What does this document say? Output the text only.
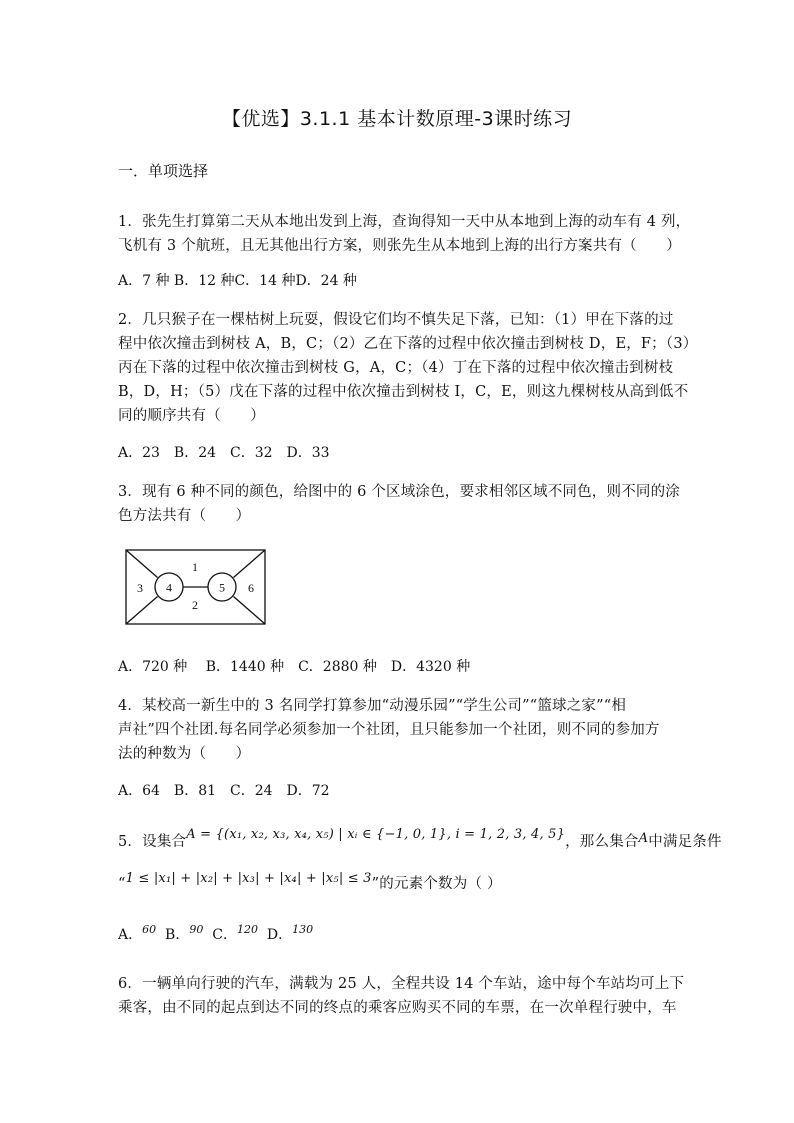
【优选】3.1.1 基本计数原理-3课时练习
一．单项选择
1．张先生打算第二天从本地出发到上海，查询得知一天中从本地到上海的动车有 4 列，
飞机有 3 个航班，且无其他出行方案，则张先生从本地到上海的出行方案共有（　　）
A．7 种 B．12 种C．14 种D．24 种
2．几只猴子在一棵枯树上玩耍，假设它们均不慎失足下落，已知：（1）甲在下落的过
程中依次撞击到树枝 A，B，C；（2）乙在下落的过程中依次撞击到树枝 D，E，F；（3）
丙在下落的过程中依次撞击到树枝 G，A，C；（4）丁在下落的过程中依次撞击到树枝
B，D，H；（5）戊在下落的过程中依次撞击到树枝 I，C，E，则这九棵树枝从高到低不
同的顺序共有（　　）
A．23　B．24　C．32　D．33
3．现有 6 种不同的颜色，给图中的 6 个区域涂色，要求相邻区域不同色，则不同的涂
色方法共有（　　）
1
2
3 4	5 6
A．720 种　 B．1440 种　C．2880 种　D．4320 种
4．某校高一新生中的 3 名同学打算参加“动漫乐园”“学生公司”“篮球之家”“相
声社”四个社团.每名同学必须参加一个社团，且只能参加一个社团，则不同的参加方
法的种数为（　　）
A．64　B．81　C．24　D．72
5．设集合A = {(x₁, x₂, x₃, x₄, x₅) | xᵢ ∈ {−1, 0, 1}, i = 1, 2, 3, 4, 5}，那么集合A中满足条件
“1 ≤ |x₁| + |x₂| + |x₃| + |x₄| + |x₅| ≤ 3”的元素个数为（ ）
A．$^{60}$ B．$^{90}$ C．$^{120}$ D．$^{130}$
6．一辆单向行驶的汽车，满载为 25 人，全程共设 14 个车站，途中每个车站均可上下
乘客，由不同的起点到达不同的终点的乘客应购买不同的车票，在一次单程行驶中，车
